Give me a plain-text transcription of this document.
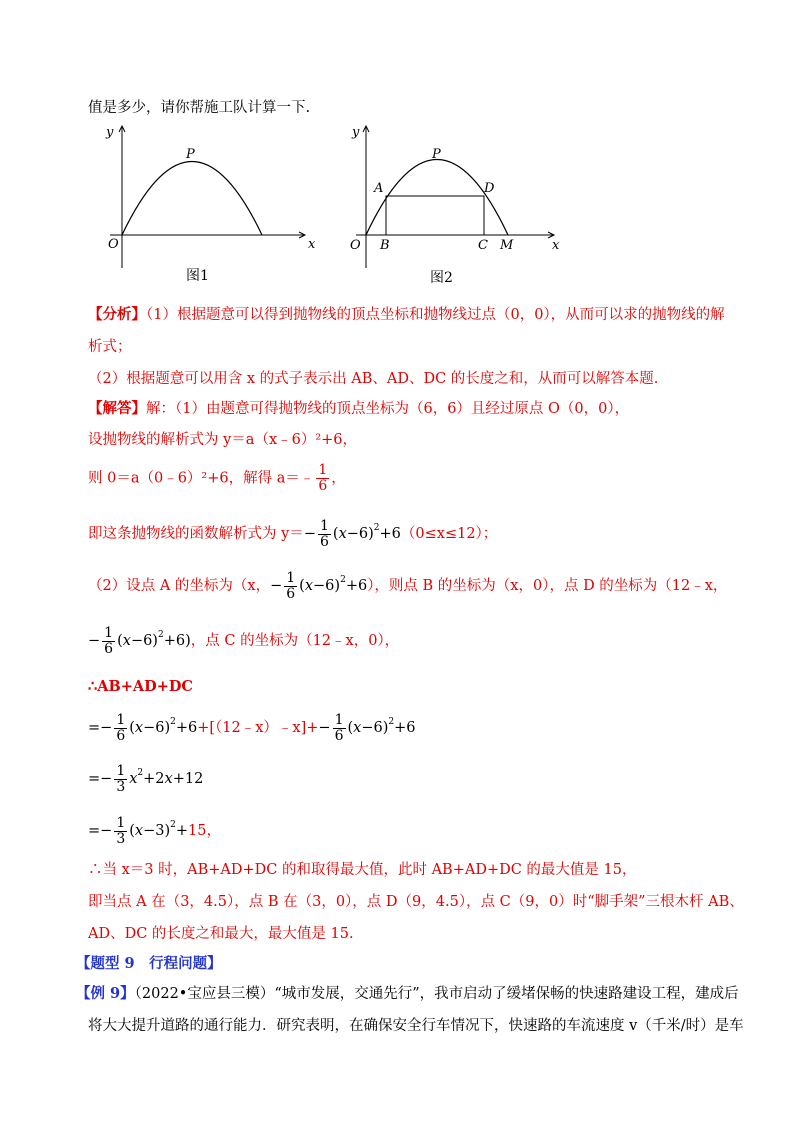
值是多少，请你帮施工队计算一下.
y
x
O
P
图1
y
x
O
P
A	D
B	C M
图2
【分析】（1）根据题意可以得到抛物线的顶点坐标和抛物线过点（0，0），从而可以求的抛物线的解
析式；
（2）根据题意可以用含 x 的式子表示出 AB、AD、DC 的长度之和，从而可以解答本题.
【解答】解：（1）由题意可得抛物线的顶点坐标为（6，6）且经过原点 O（0，0），
设抛物线的解析式为 y＝a（x﹣6）²+6，
则 0＝a（0﹣6）²+6，解得 a＝﹣ $\frac{1}{6}$ ，
即这条抛物线的函数解析式为 $y=- \frac{1}{6} (x-6)^2+6(0\le x\le 12)$；
（2）设点 A 的坐标为（x，− $\frac{1}{6} (x-6)^2+6$），则点 B 的坐标为（x，0），点 D 的坐标为（12﹣x，
− $\frac{1}{6} (x-6)^2+6$)，点 C 的坐标为（12﹣x，0），
∴AB+AD+DC
=− $\frac{1}{6}$ $(x-6)^2+6+[(12﹣x)﹣x]+- \frac{1}{6} (x-6)^2+6$
=− $\frac{1}{3} x^2+2x+12$
=− $\frac{1}{3} (x-3)^2+15$，
∴当 x＝3 时，AB+AD+DC 的和取得最大值，此时 AB+AD+DC 的最大值是 15，
即当点 A 在（3，4.5），点 B 在（3，0），点 D（9，4.5），点 C（9，0）时“脚手架”三根木杆 AB、
AD、DC 的长度之和最大，最大值是 15.
【题型 9　行程问题】
【例 9】（2022•宝应县三模）“城市发展，交通先行”，我市启动了缓堵保畅的快速路建设工程，建成后
将大大提升道路的通行能力．研究表明，在确保安全行车情况下，快速路的车流速度 v（千米/时）是车
